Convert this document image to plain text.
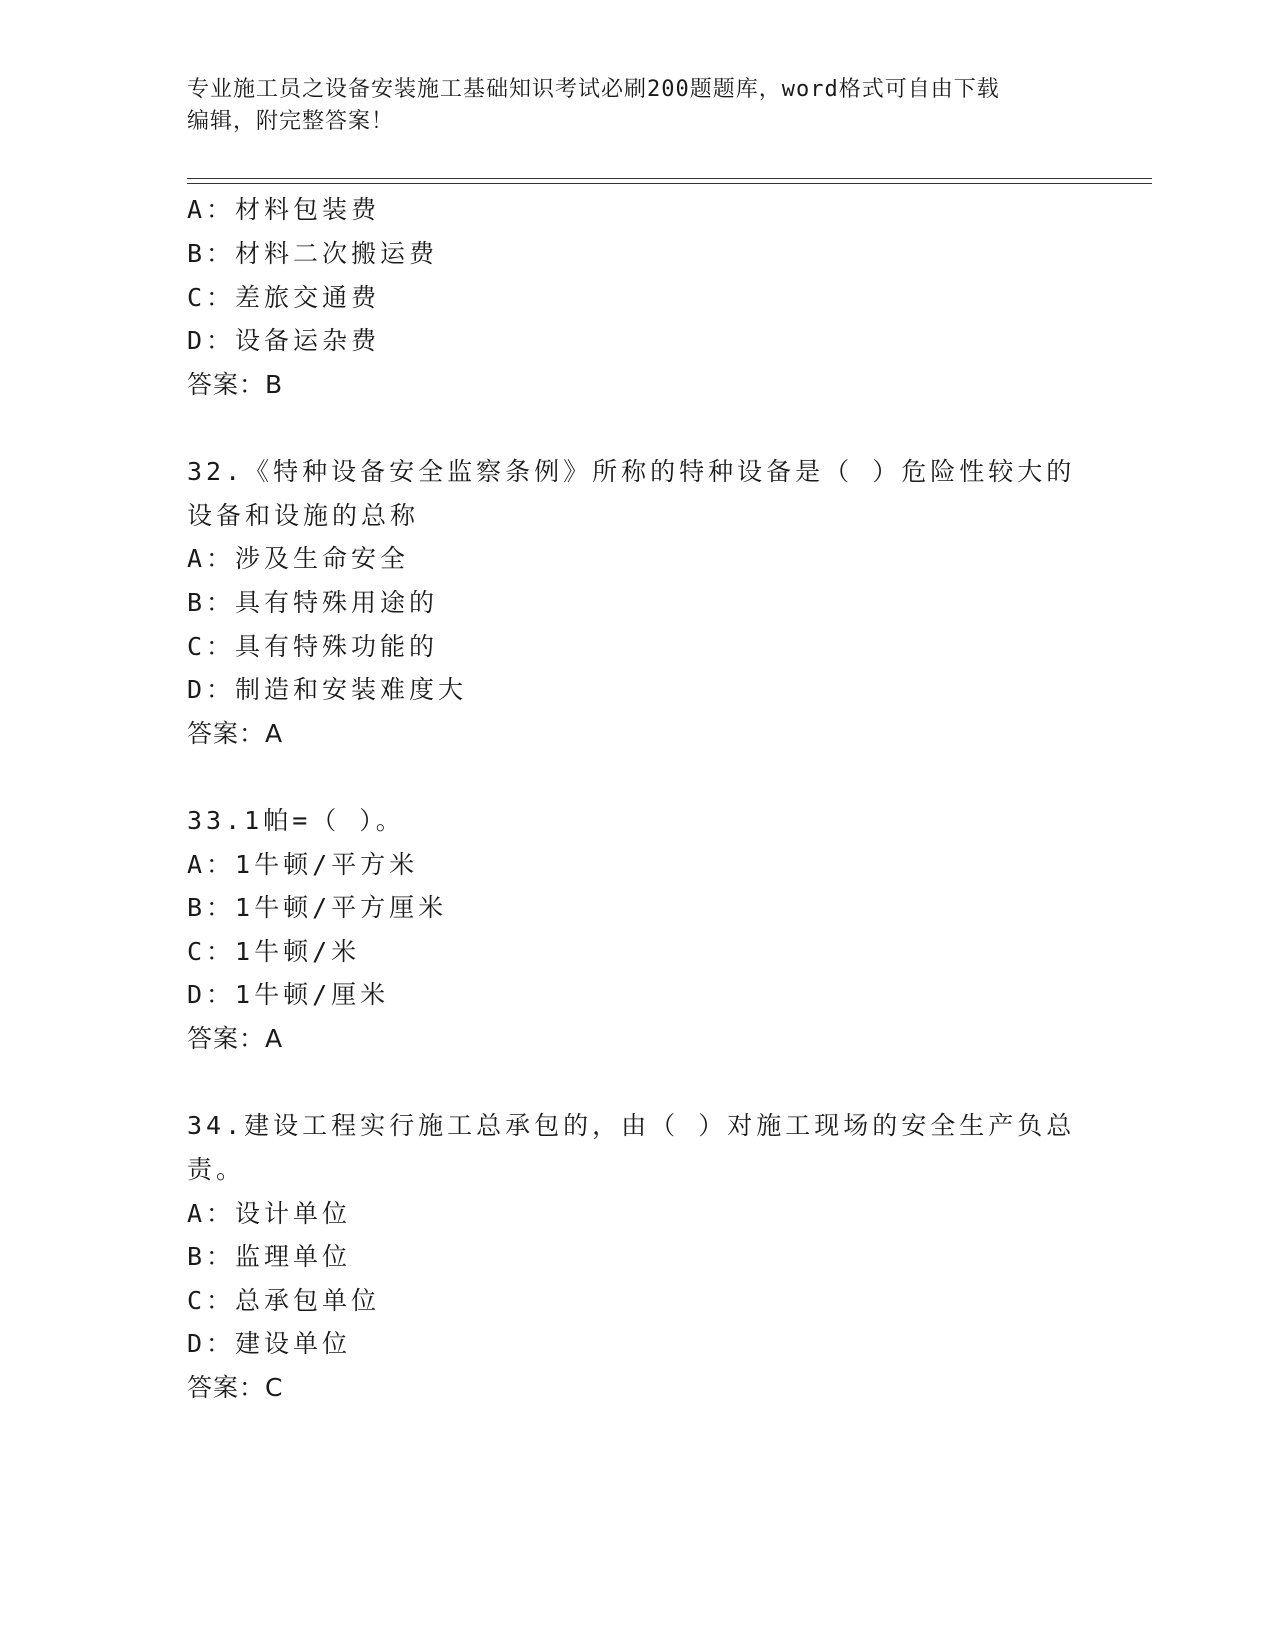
专业施工员之设备安装施工基础知识考试必刷200题题库，word格式可自由下载
编辑，附完整答案！
A：材料包装费
B：材料二次搬运费
C：差旅交通费
D：设备运杂费
答案：B
32.《特种设备安全监察条例》所称的特种设备是（ ）危险性较大的
设备和设施的总称
A：涉及生命安全
B：具有特殊用途的
C：具有特殊功能的
D：制造和安装难度大
答案：A
33.1帕=（ ）。
A：1牛顿/平方米
B：1牛顿/平方厘米
C：1牛顿/米
D：1牛顿/厘米
答案：A
34.建设工程实行施工总承包的，由（ ）对施工现场的安全生产负总
责。
A：设计单位
B：监理单位
C：总承包单位
D：建设单位
答案：C
